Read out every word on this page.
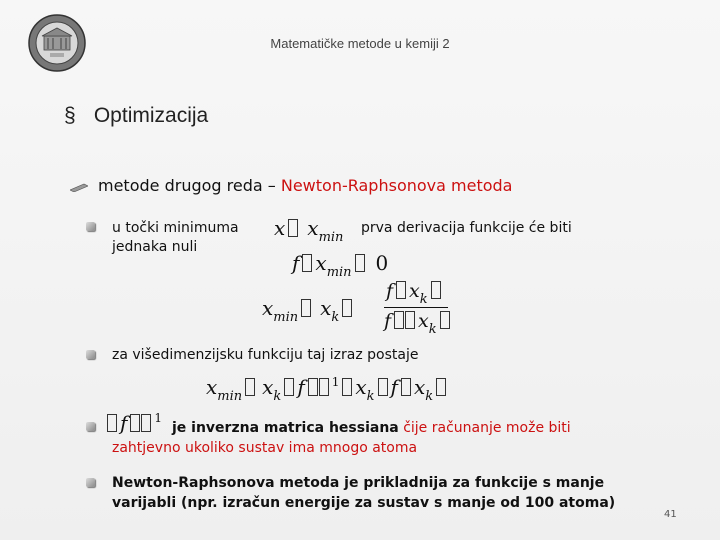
Matematičke metode u kemiji 2
§ Optimizacija
metode drugog reda – Newton-Raphsonova metoda
u točki minimuma	prva derivacija funkcije će biti
jednaka nuli
x $x_{min}$
f $x_{min}$ 0
$x_{min}$ $x_k$
f $x_k$
f $x_k$
za višedimenzijsku funkciju taj izraz postaje
$x_{min}$ $x_k$ f $^1$ $x_k$ f $x_k$
f $^1$
je inverzna matrica hessiana čije računanje može biti
zahtjevno ukoliko sustav ima mnogo atoma
Newton-Raphsonova metoda je prikladnija za funkcije s manje
varijabli (npr. izračun energije za sustav s manje od 100 atoma)
41
